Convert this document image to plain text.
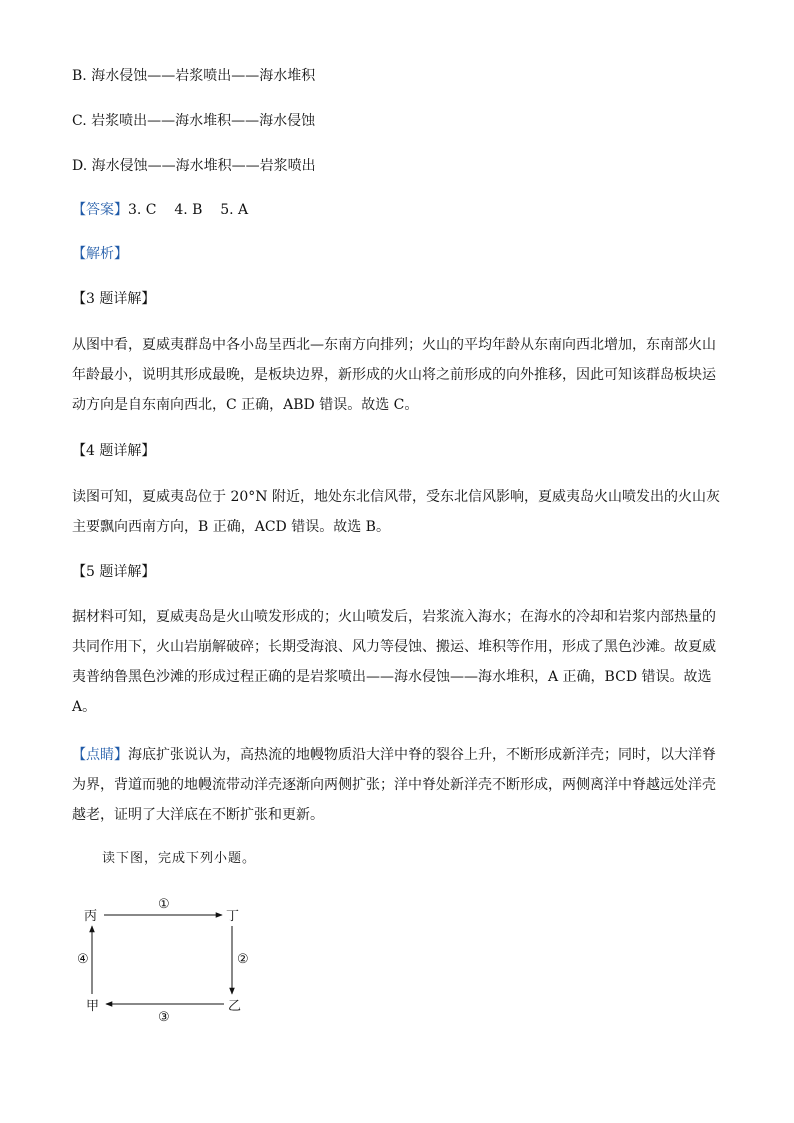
B. 海水侵蚀——岩浆喷出——海水堆积

C. 岩浆喷出——海水堆积——海水侵蚀

D. 海水侵蚀——海水堆积——岩浆喷出

【答案】3. C    4. B    5. A

【解析】

【3 题详解】

从图中看，夏威夷群岛中各小岛呈西北—东南方向排列；火山的平均年龄从东南向西北增加，东南部火山年龄最小，说明其形成最晚，是板块边界，新形成的火山将之前形成的向外推移，因此可知该群岛板块运动方向是自东南向西北，C 正确，ABD 错误。故选 C。

【4 题详解】

读图可知，夏威夷岛位于 20°N 附近，地处东北信风带，受东北信风影响，夏威夷岛火山喷发出的火山灰主要飘向西南方向，B 正确，ACD 错误。故选 B。

【5 题详解】

据材料可知，夏威夷岛是火山喷发形成的；火山喷发后，岩浆流入海水；在海水的冷却和岩浆内部热量的共同作用下，火山岩崩解破碎；长期受海浪、风力等侵蚀、搬运、堆积等作用，形成了黑色沙滩。故夏威夷普纳鲁黑色沙滩的形成过程正确的是岩浆喷出——海水侵蚀——海水堆积，A 正确，BCD 错误。故选 A。

【点睛】海底扩张说认为，高热流的地幔物质沿大洋中脊的裂谷上升，不断形成新洋壳；同时，以大洋脊为界，背道而驰的地幔流带动洋壳逐渐向两侧扩张；洋中脊处新洋壳不断形成，两侧离洋中脊越远处洋壳越老，证明了大洋底在不断扩张和更新。

读下图，完成下列小题。

丙	丁
乙
甲
①
②
③
④
